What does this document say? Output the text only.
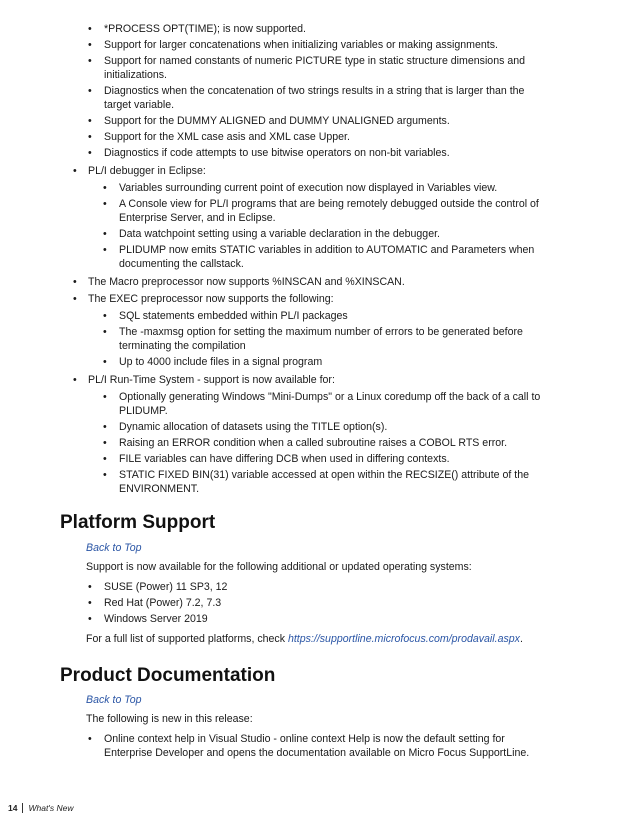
• *PROCESS OPT(TIME); is now supported.
• Support for larger concatenations when initializing variables or making assignments.
• Support for named constants of numeric PICTURE type in static structure dimensions and initializations.
• Diagnostics when the concatenation of two strings results in a string that is larger than the target variable.
• Support for the DUMMY ALIGNED and DUMMY UNALIGNED arguments.
• Support for the XML case asis and XML case Upper.
• Diagnostics if code attempts to use bitwise operators on non-bit variables.
• PL/I debugger in Eclipse:
• Variables surrounding current point of execution now displayed in Variables view.
• A Console view for PL/I programs that are being remotely debugged outside the control of Enterprise Server, and in Eclipse.
• Data watchpoint setting using a variable declaration in the debugger.
• PLIDUMP now emits STATIC variables in addition to AUTOMATIC and Parameters when documenting the callstack.
• The Macro preprocessor now supports %INSCAN and %XINSCAN.
• The EXEC preprocessor now supports the following:
• SQL statements embedded within PL/I packages
• The -maxmsg option for setting the maximum number of errors to be generated before terminating the compilation
• Up to 4000 include files in a signal program
• PL/I Run-Time System - support is now available for:
• Optionally generating Windows "Mini-Dumps" or a Linux coredump off the back of a call to PLIDUMP.
• Dynamic allocation of datasets using the TITLE option(s).
• Raising an ERROR condition when a called subroutine raises a COBOL RTS error.
• FILE variables can have differing DCB when used in differing contexts.
• STATIC FIXED BIN(31) variable accessed at open within the RECSIZE() attribute of the ENVIRONMENT.
Platform Support
Back to Top
Support is now available for the following additional or updated operating systems:
• SUSE (Power) 11 SP3, 12
• Red Hat (Power) 7.2, 7.3
• Windows Server 2019
For a full list of supported platforms, check https://supportline.microfocus.com/prodavail.aspx.
Product Documentation
Back to Top
The following is new in this release:
• Online context help in Visual Studio - online context Help is now the default setting for Enterprise Developer and opens the documentation available on Micro Focus SupportLine.
14 What's New
